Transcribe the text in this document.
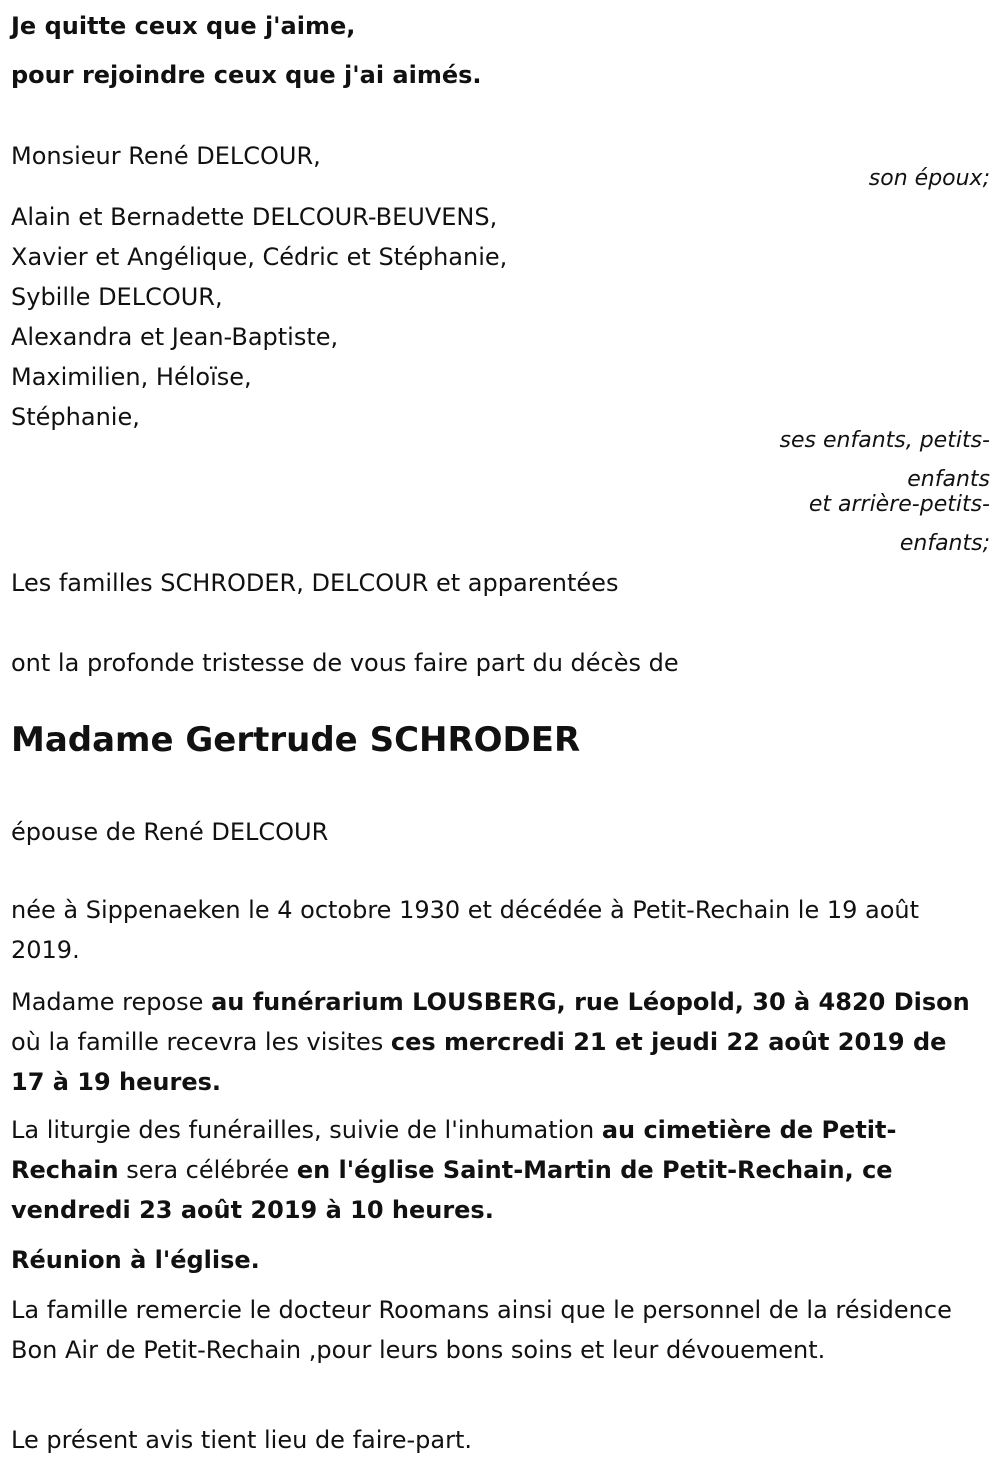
Je quitte ceux que j'aime,
pour rejoindre ceux que j'ai aimés.
Monsieur René DELCOUR,
son époux;
Alain et Bernadette DELCOUR-BEUVENS,
Xavier et Angélique, Cédric et Stéphanie,
Sybille DELCOUR,
Alexandra et Jean-Baptiste,
Maximilien, Héloïse,
Stéphanie,
ses enfants, petits-
enfants
et arrière-petits-
enfants;
Les familles SCHRODER, DELCOUR et apparentées
ont la profonde tristesse de vous faire part du décès de
Madame Gertrude SCHRODER
épouse de René DELCOUR
née à Sippenaeken le 4 octobre 1930 et décédée à Petit-Rechain le 19 août 2019.
Madame repose au funérarium LOUSBERG, rue Léopold, 30 à 4820 Dison où la famille recevra les visites ces mercredi 21 et jeudi 22 août 2019 de 17 à 19 heures.
La liturgie des funérailles, suivie de l'inhumation au cimetière de Petit-Rechain sera célébrée en l'église Saint-Martin de Petit-Rechain, ce vendredi 23 août 2019 à 10 heures.
Réunion à l'église.
La famille remercie le docteur Roomans ainsi que le personnel de la résidence Bon Air de Petit-Rechain ,pour leurs bons soins et leur dévouement.
Le présent avis tient lieu de faire-part.
